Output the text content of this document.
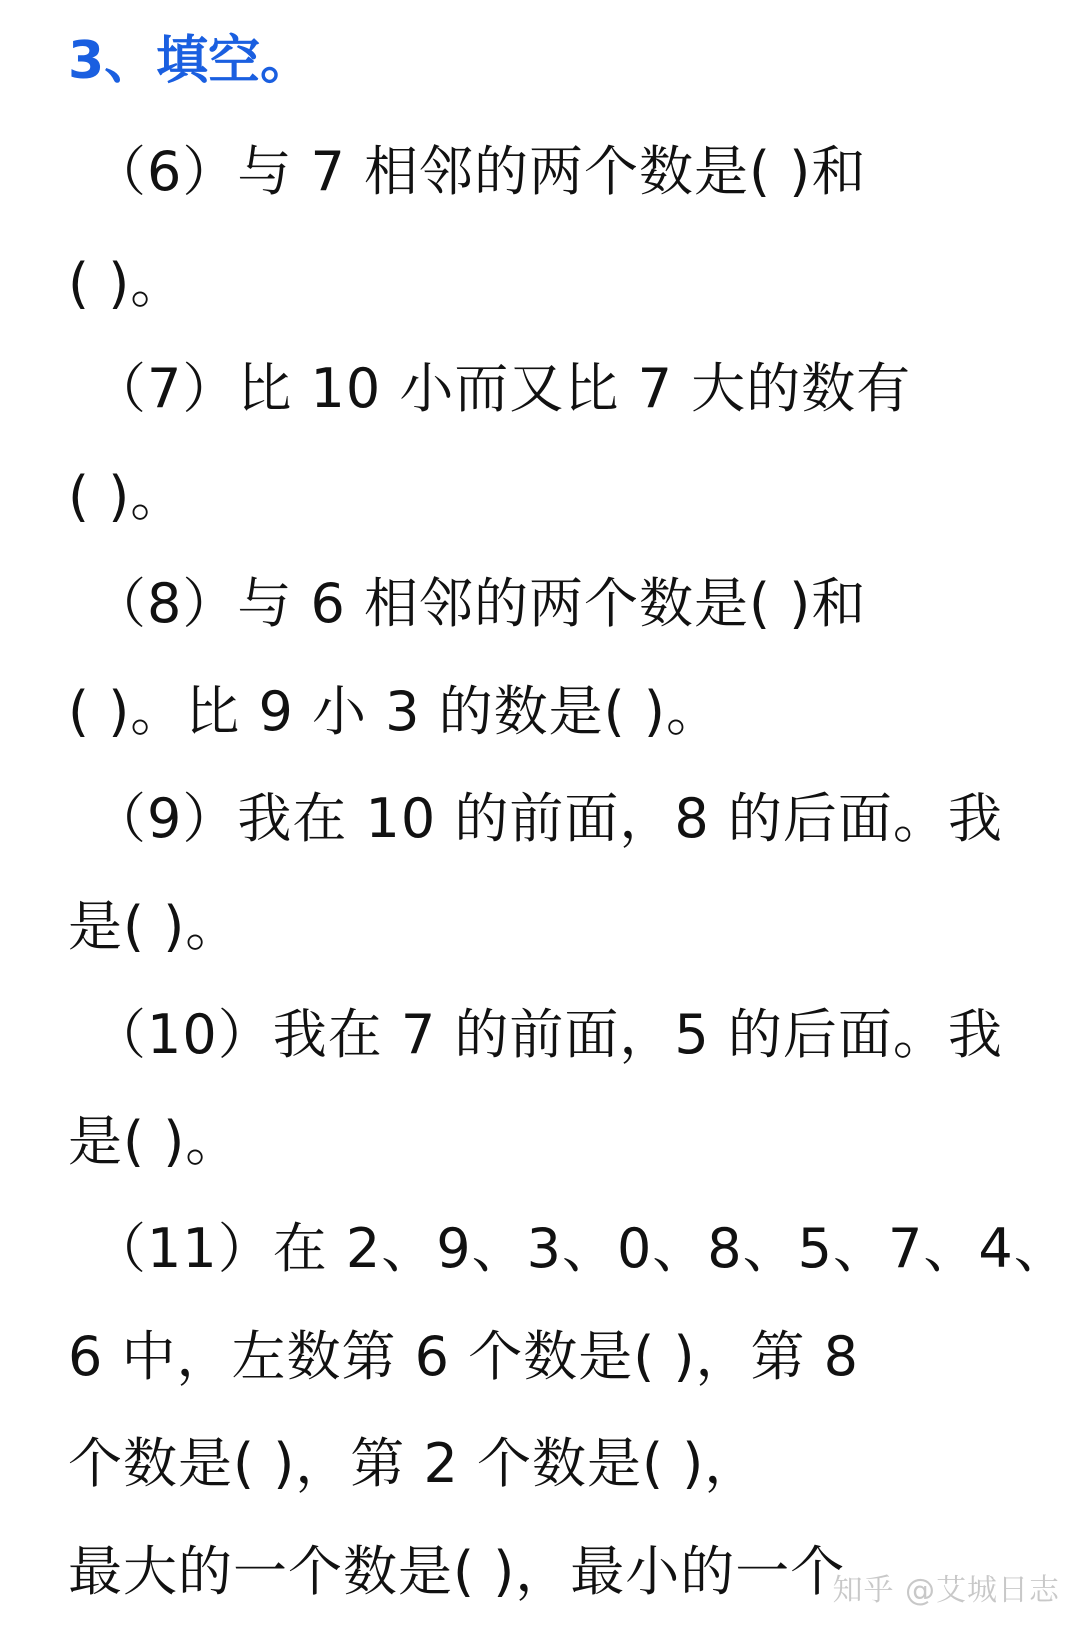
3、填空。
（6）与 7 相邻的两个数是( )和
( )。
（7）比 10 小而又比 7 大的数有
( )。
（8）与 6 相邻的两个数是( )和
( )。比 9 小 3 的数是( )。
（9）我在 10 的前面，8 的后面。我
是( )。
（10）我在 7 的前面，5 的后面。我
是( )。
（11）在 2、9、3、0、8、5、7、4、
6 中，左数第 6 个数是( )，第 8
个数是( )，第 2 个数是( )，
最大的一个数是( )，最小的一个
知乎 @艾城日志
